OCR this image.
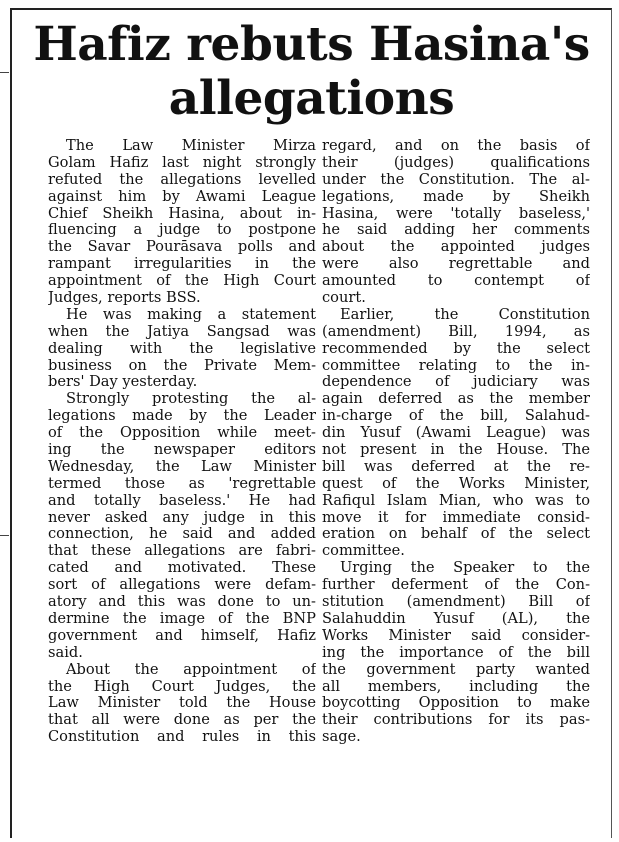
Hafiz rebuts Hasina's
allegations
The Law Minister Mirza
Golam Hafiz last night strongly
refuted the allegations levelled
against him by Awami League
Chief Sheikh Hasina, about in-
fluencing a judge to postpone
the Savar Pourāsava polls and
rampant irregularities in the
appointment of the High Court
Judges, reports BSS.
He was making a statement
when the Jatiya Sangsad was
dealing with the legislative
business on the Private Mem-
bers' Day yesterday.
Strongly protesting the al-
legations made by the Leader
of the Opposition while meet-
ing the newspaper editors
Wednesday, the Law Minister
termed those as 'regrettable
and totally baseless.' He had
never asked any judge in this
connection, he said and added
that these allegations are fabri-
cated and motivated. These
sort of allegations were defam-
atory and this was done to un-
dermine the image of the BNP
government and himself, Hafiz
said.
About the appointment of
the High Court Judges, the
Law Minister told the House
that all were done as per the
Constitution and rules in this
regard, and on the basis of
their (judges) qualifications
under the Constitution. The al-
legations, made by Sheikh
Hasina, were 'totally baseless,'
he said adding her comments
about the appointed judges
were also regrettable and
amounted to contempt of
court.
Earlier, the Constitution
(amendment) Bill, 1994, as
recommended by the select
committee relating to the in-
dependence of judiciary was
again deferred as the member
in-charge of the bill, Salahud-
din Yusuf (Awami League) was
not present in the House. The
bill was deferred at the re-
quest of the Works Minister,
Rafiqul Islam Mian, who was to
move it for immediate consid-
eration on behalf of the select
committee.
Urging the Speaker to the
further deferment of the Con-
stitution (amendment) Bill of
Salahuddin Yusuf (AL), the
Works Minister said consider-
ing the importance of the bill
the government party wanted
all members, including the
boycotting Opposition to make
their contributions for its pas-
sage.
